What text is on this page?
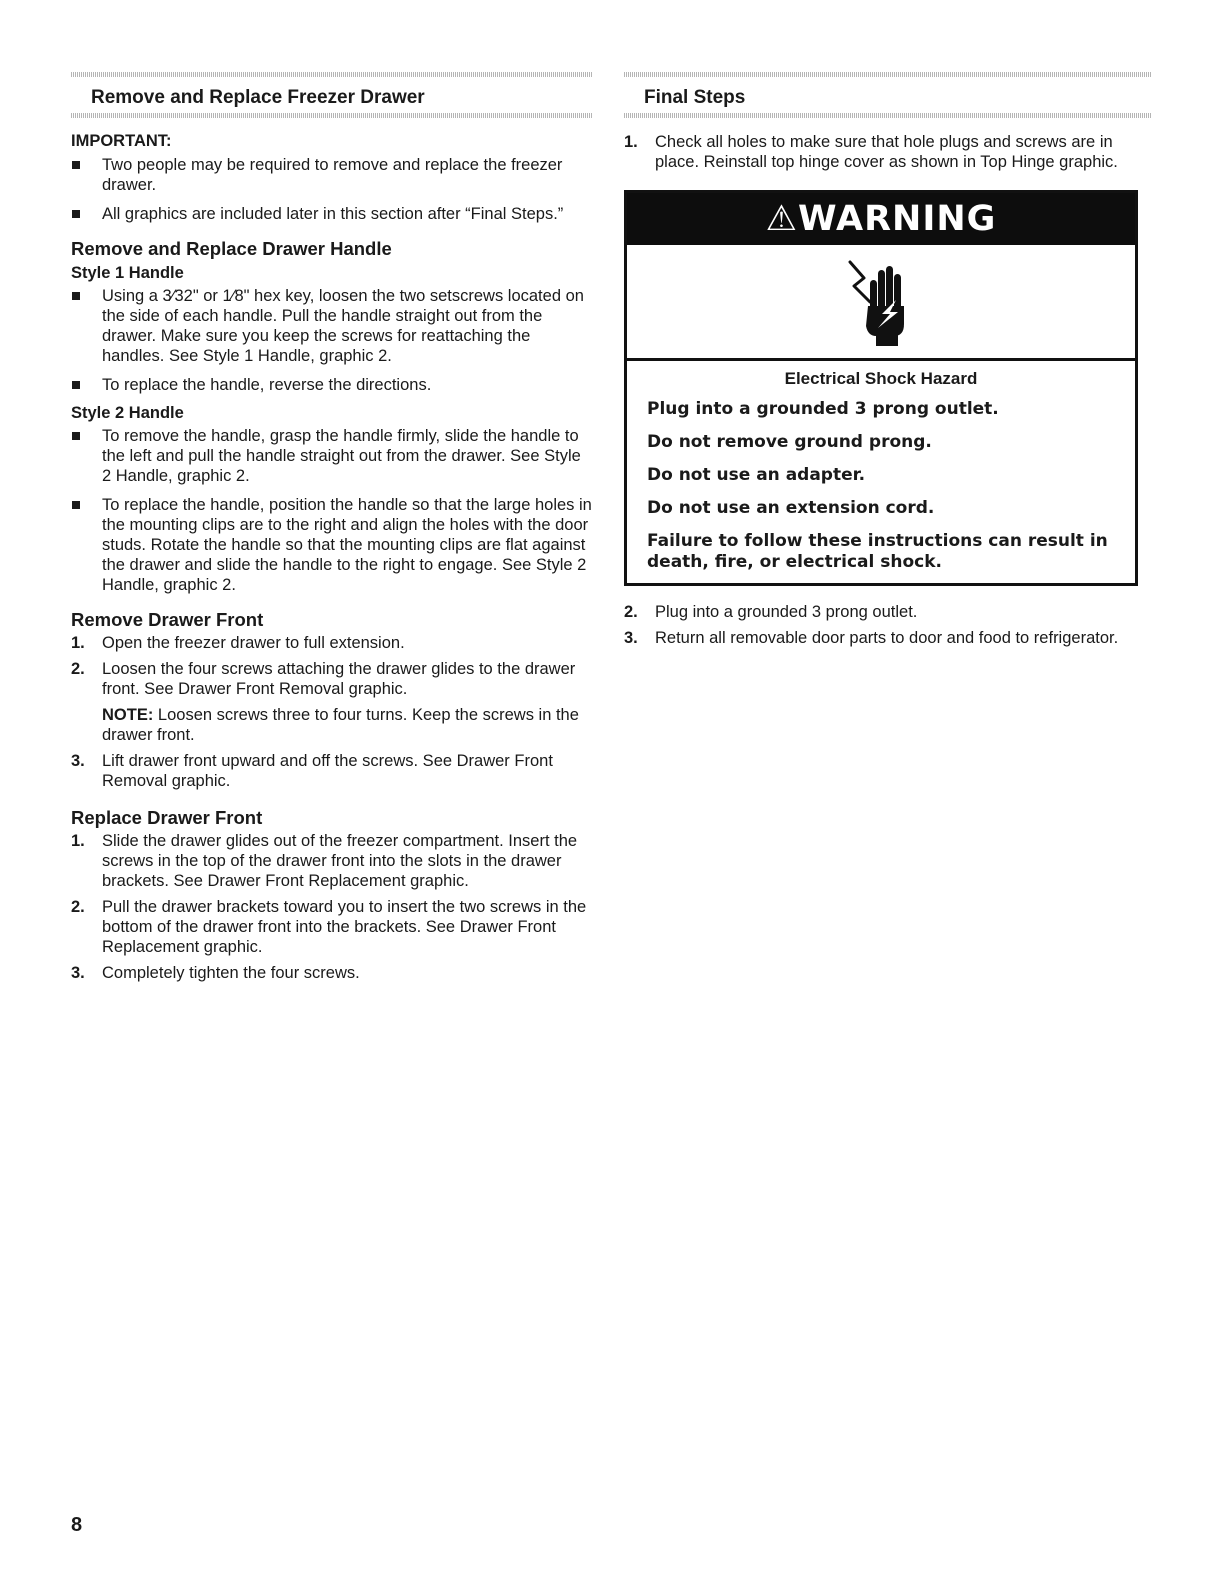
Remove and Replace Freezer Drawer
IMPORTANT:
Two people may be required to remove and replace the freezer drawer.
All graphics are included later in this section after “Final Steps.”
Remove and Replace Drawer Handle
Style 1 Handle
Using a 3⁄32" or 1⁄8" hex key, loosen the two setscrews located on the side of each handle. Pull the handle straight out from the drawer. Make sure you keep the screws for reattaching the handles. See Style 1 Handle, graphic 2.
To replace the handle, reverse the directions.
Style 2 Handle
To remove the handle, grasp the handle firmly, slide the handle to the left and pull the handle straight out from the drawer. See Style 2 Handle, graphic 2.
To replace the handle, position the handle so that the large holes in the mounting clips are to the right and align the holes with the door studs. Rotate the handle so that the mounting clips are flat against the drawer and slide the handle to the right to engage. See Style 2 Handle, graphic 2.
Remove Drawer Front
1. Open the freezer drawer to full extension.
2. Loosen the four screws attaching the drawer glides to the drawer front. See Drawer Front Removal graphic.

NOTE: Loosen screws three to four turns. Keep the screws in the drawer front.

3. Lift drawer front upward and off the screws. See Drawer Front Removal graphic.
Replace Drawer Front
1. Slide the drawer glides out of the freezer compartment. Insert the screws in the top of the drawer front into the slots in the drawer brackets. See Drawer Front Replacement graphic.
2. Pull the drawer brackets toward you to insert the two screws in the bottom of the drawer front into the brackets. See Drawer Front Replacement graphic.
3. Completely tighten the four screws.
Final Steps
1. Check all holes to make sure that hole plugs and screws are in place. Reinstall top hinge cover as shown in Top Hinge graphic.
⚠WARNING

Electrical Shock Hazard

Plug into a grounded 3 prong outlet.

Do not remove ground prong.

Do not use an adapter.

Do not use an extension cord.

Failure to follow these instructions can result in death, fire, or electrical shock.

2. Plug into a grounded 3 prong outlet.
3. Return all removable door parts to door and food to refrigerator.
8
